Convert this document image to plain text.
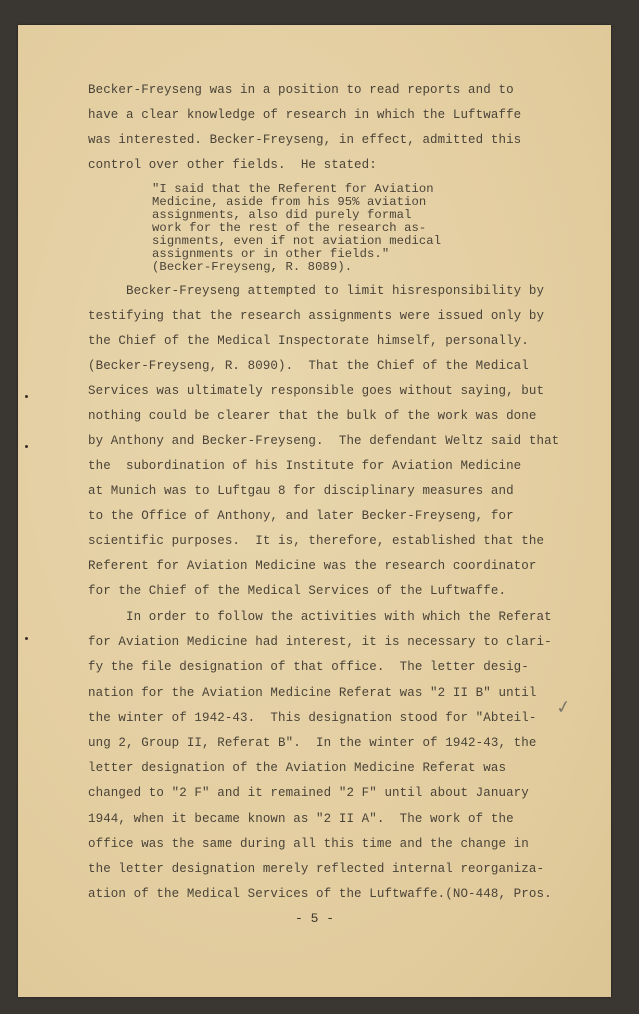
- 5 -
✓
Becker-Freyseng was in a position to read reports and to
have a clear knowledge of research in which the Luftwaffe
was interested. Becker-Freyseng, in effect, admitted this
control over other fields.  He stated:
"I said that the Referent for Aviation
Medicine, aside from his 95% aviation
assignments, also did purely formal
work for the rest of the research as-
signments, even if not aviation medical
assignments or in other fields."
(Becker-Freyseng, R. 8089).
Becker-Freyseng attempted to limit hisresponsibility by
testifying that the research assignments were issued only by
the Chief of the Medical Inspectorate himself, personally.
(Becker-Freyseng, R. 8090).  That the Chief of the Medical
Services was ultimately responsible goes without saying, but
nothing could be clearer that the bulk of the work was done
by Anthony and Becker-Freyseng.  The defendant Weltz said that
the  subordination of his Institute for Aviation Medicine
at Munich was to Luftgau 8 for disciplinary measures and
to the Office of Anthony, and later Becker-Freyseng, for
scientific purposes.  It is, therefore, established that the
Referent for Aviation Medicine was the research coordinator
for the Chief of the Medical Services of the Luftwaffe.
In order to follow the activities with which the Referat
for Aviation Medicine had interest, it is necessary to clari-
fy the file designation of that office.  The letter desig-
nation for the Aviation Medicine Referat was "2 II B" until
the winter of 1942-43.  This designation stood for "Abteil-
ung 2, Group II, Referat B".  In the winter of 1942-43, the
letter designation of the Aviation Medicine Referat was
changed to "2 F" and it remained "2 F" until about January
1944, when it became known as "2 II A".  The work of the
office was the same during all this time and the change in
the letter designation merely reflected internal reorganiza-
ation of the Medical Services of the Luftwaffe.(NO-448, Pros.
